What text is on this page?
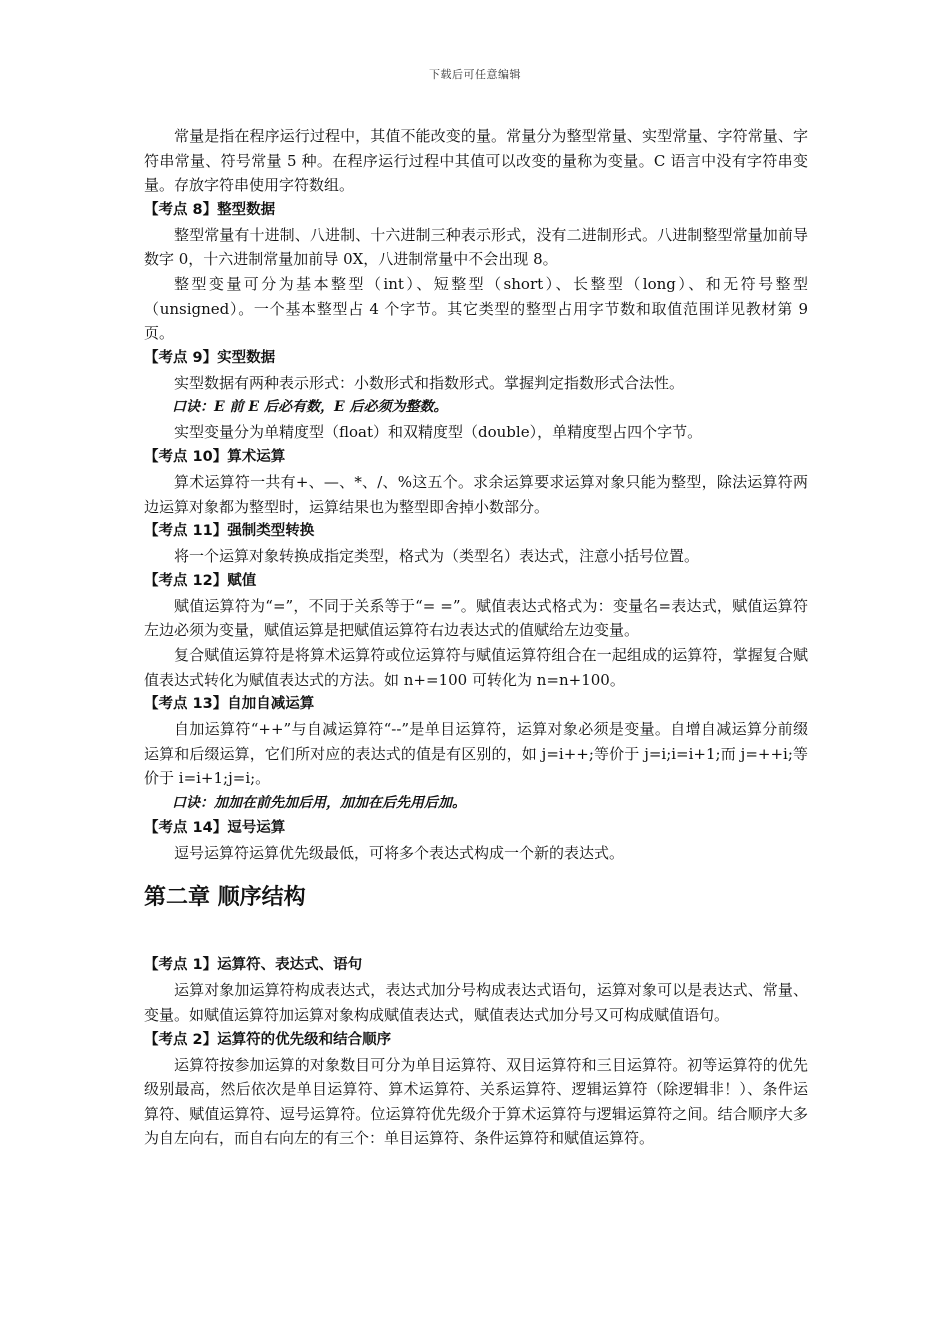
下载后可任意编辑

常量是指在程序运行过程中，其值不能改变的量。常量分为整型常量、实型常量、字符常量、字符串常量、符号常量 5 种。在程序运行过程中其值可以改变的量称为变量。C 语言中没有字符串变量。存放字符串使用字符数组。

【考点 8】整型数据

整型常量有十进制、八进制、十六进制三种表示形式，没有二进制形式。八进制整型常量加前导数字 0，十六进制常量加前导 0X，八进制常量中不会出现 8。

整型变量可分为基本整型（int）、短整型（short）、长整型（long）、和无符号整型（unsigned）。一个基本整型占 4 个字节。其它类型的整型占用字节数和取值范围详见教材第 9 页。

【考点 9】实型数据

实型数据有两种表示形式：小数形式和指数形式。掌握判定指数形式合法性。

口诀：E 前 E 后必有数，E 后必须为整数。

实型变量分为单精度型（float）和双精度型（double），单精度型占四个字节。

【考点 10】算术运算

算术运算符一共有+、—、*、/、%这五个。求余运算要求运算对象只能为整型，除法运算符两边运算对象都为整型时，运算结果也为整型即舍掉小数部分。

【考点 11】强制类型转换

将一个运算对象转换成指定类型，格式为（类型名）表达式，注意小括号位置。

【考点 12】赋值

赋值运算符为“=”，不同于关系等于“= =”。赋值表达式格式为：变量名=表达式，赋值运算符左边必须为变量，赋值运算是把赋值运算符右边表达式的值赋给左边变量。

复合赋值运算符是将算术运算符或位运算符与赋值运算符组合在一起组成的运算符，掌握复合赋值表达式转化为赋值表达式的方法。如 n+=100 可转化为 n=n+100。

【考点 13】自加自减运算

自加运算符“++”与自减运算符“--”是单目运算符，运算对象必须是变量。自增自减运算分前缀运算和后缀运算，它们所对应的表达式的值是有区别的，如 j=i++;等价于 j=i;i=i+1;而 j=++i;等价于 i=i+1;j=i;。

口诀：加加在前先加后用，加加在后先用后加。

【考点 14】逗号运算

逗号运算符运算优先级最低，可将多个表达式构成一个新的表达式。

第二章 顺序结构

【考点 1】运算符、表达式、语句

运算对象加运算符构成表达式，表达式加分号构成表达式语句，运算对象可以是表达式、常量、变量。如赋值运算符加运算对象构成赋值表达式，赋值表达式加分号又可构成赋值语句。

【考点 2】运算符的优先级和结合顺序

运算符按参加运算的对象数目可分为单目运算符、双目运算符和三目运算符。初等运算符的优先级别最高，然后依次是单目运算符、算术运算符、关系运算符、逻辑运算符（除逻辑非！）、条件运算符、赋值运算符、逗号运算符。位运算符优先级介于算术运算符与逻辑运算符之间。结合顺序大多为自左向右，而自右向左的有三个：单目运算符、条件运算符和赋值运算符。
